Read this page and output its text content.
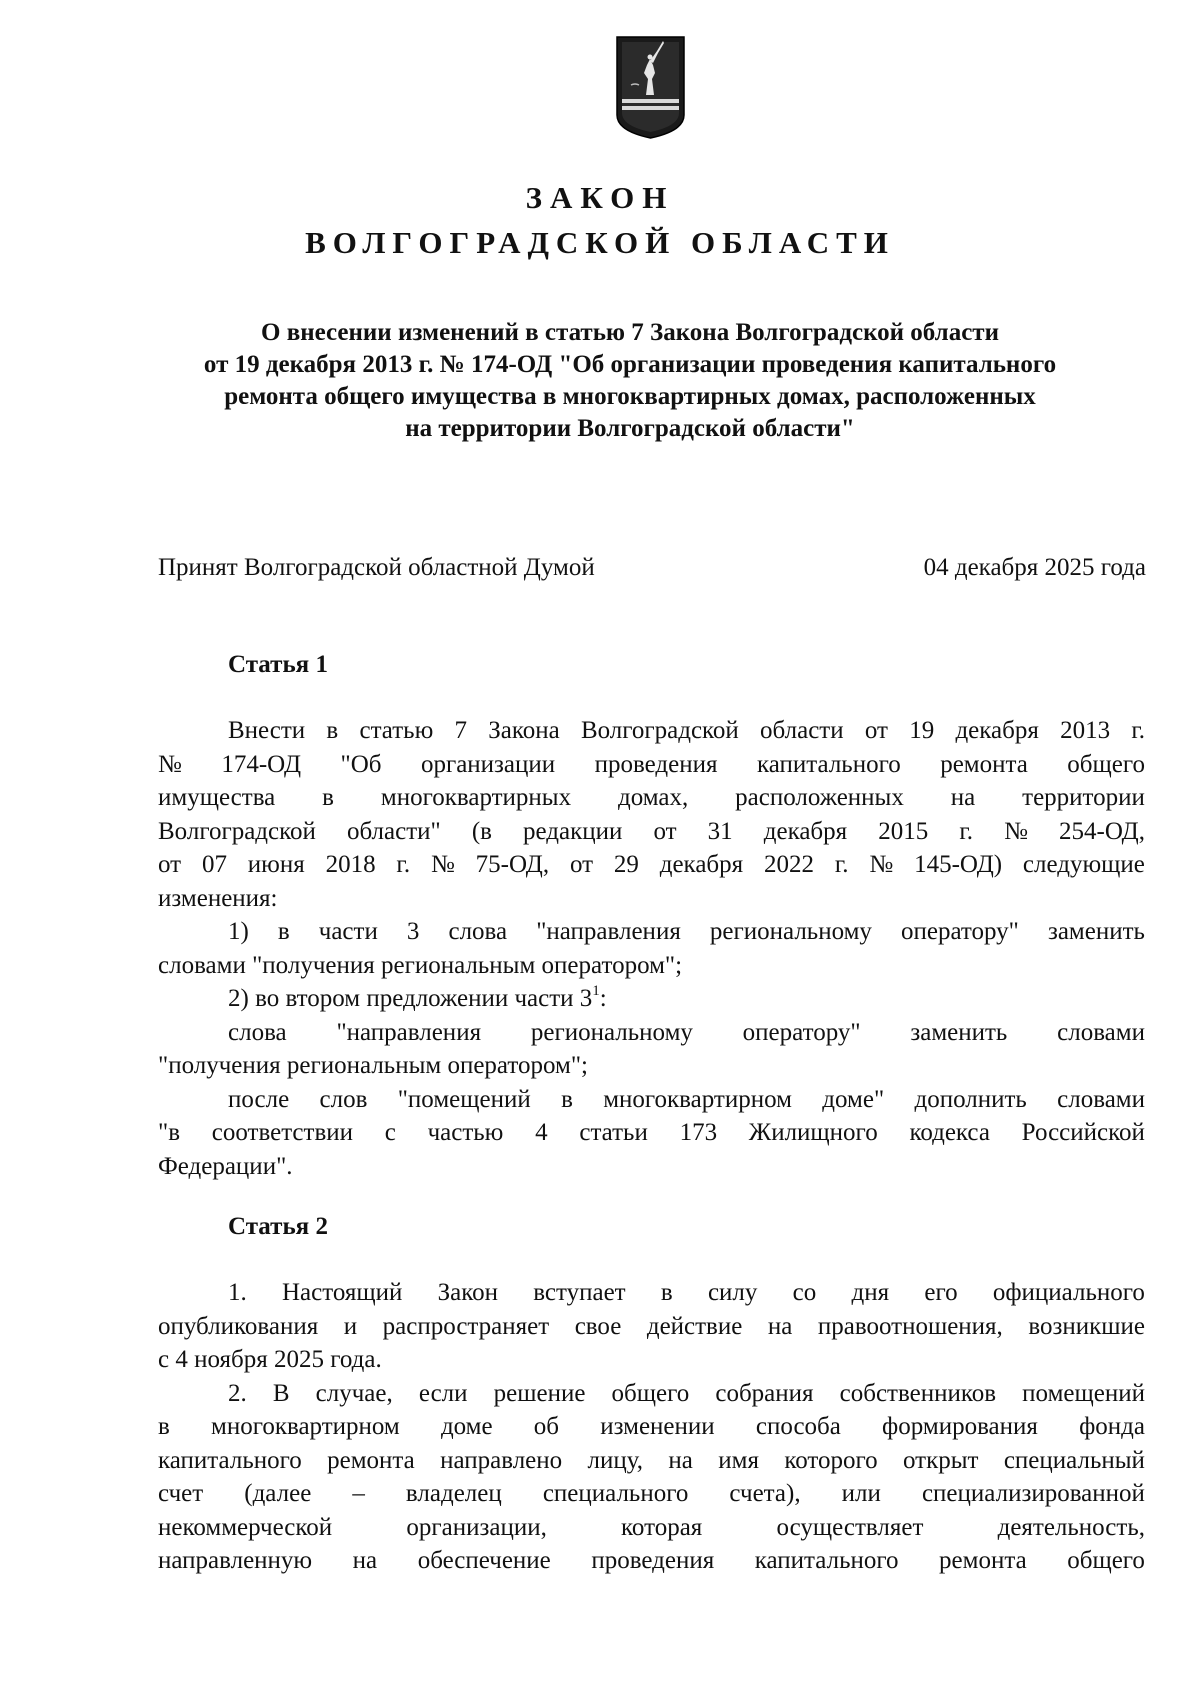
ЗАКОН
ВОЛГОГРАДСКОЙ ОБЛАСТИ
О внесении изменений в статью 7 Закона Волгоградской области
от 19 декабря 2013 г. № 174-ОД "Об организации проведения капитального
ремонта общего имущества в многоквартирных домах, расположенных
на территории Волгоградской области"
Принят Волгоградской областной Думой	04 декабря 2025 года
Статья 1
Внести в статью 7 Закона Волгоградской области от 19 декабря 2013 г.
№ 174-ОД "Об организации проведения капитального ремонта общего
имущества в многоквартирных домах, расположенных на территории
Волгоградской области" (в редакции от 31 декабря 2015 г. № 254-ОД,
от 07 июня 2018 г. № 75-ОД, от 29 декабря 2022 г. № 145-ОД) следующие
изменения:
1) в части 3 слова "направления региональному оператору" заменить
словами "получения региональным оператором";
2) во втором предложении части $3^1$:
слова "направления региональному оператору" заменить словами
"получения региональным оператором";
после слов "помещений в многоквартирном доме" дополнить словами
"в соответствии с частью 4 статьи 173 Жилищного кодекса Российской
Федерации".
Статья 2
1. Настоящий Закон вступает в силу со дня его официального
опубликования и распространяет свое действие на правоотношения, возникшие
с 4 ноября 2025 года.
2. В случае, если решение общего собрания собственников помещений
в многоквартирном доме об изменении способа формирования фонда
капитального ремонта направлено лицу, на имя которого открыт специальный
счет (далее – владелец специального счета), или специализированной
некоммерческой	организации,	которая	осуществляет	деятельность,
направленную на обеспечение проведения капитального ремонта общего
